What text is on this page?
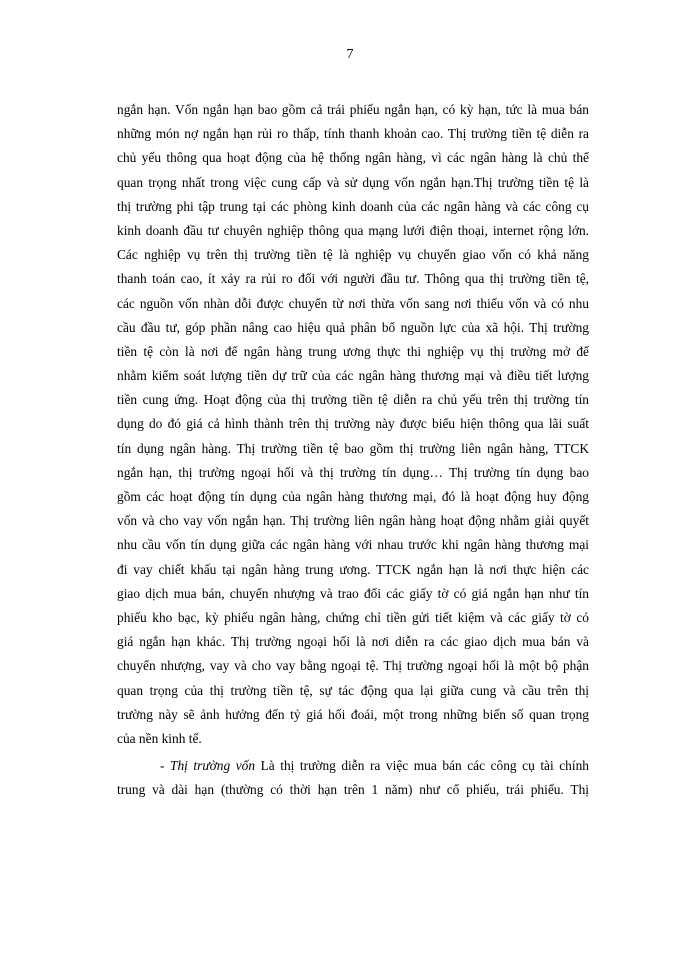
7

ngắn hạn. Vốn ngắn hạn bao gồm cả trái phiếu ngắn hạn, có kỳ hạn, tức là mua bán
những món nợ ngắn hạn rủi ro thấp, tính thanh khoản cao. Thị trường tiền tệ diễn ra
chủ yếu thông qua hoạt động của hệ thống ngân hàng, vì các ngân hàng là chủ thể
quan trọng nhất trong việc cung cấp và sử dụng vốn ngắn hạn.Thị trường tiền tệ là
thị trường phi tập trung tại các phòng kinh doanh của các ngân hàng và các công cụ
kinh doanh đầu tư chuyên nghiệp thông qua mạng lưới điện thoại, internet rộng lớn.
Các nghiệp vụ trên thị trường tiền tệ là nghiệp vụ chuyển giao vốn có khả năng
thanh toán cao, ít xảy ra rủi ro đối với người đầu tư. Thông qua thị trường tiền tệ,
các nguồn vốn nhàn dỗi được chuyển từ nơi thừa vốn sang nơi thiếu vốn và có nhu
cầu đầu tư, góp phần nâng cao hiệu quả phân bổ nguồn lực của xã hội. Thị trường
tiền tệ còn là nơi để ngân hàng trung ương thực thi nghiệp vụ thị trường mở để
nhằm kiểm soát lượng tiền dự trữ của các ngân hàng thương mại và điều tiết lượng
tiền cung ứng. Hoạt động của thị trường tiền tệ diễn ra chủ yếu trên thị trường tín
dụng do đó giá cả hình thành trên thị trường này được biểu hiện thông qua lãi suất
tín dụng ngân hàng. Thị trường tiền tệ bao gồm thị trường liên ngân hàng, TTCK
ngắn hạn, thị trường ngoại hối và thị trường tín dụng… Thị trường tín dụng bao
gồm các hoạt động tín dụng của ngân hàng thương mại, đó là hoạt động huy động
vốn và cho vay vốn ngắn hạn. Thị trường liên ngân hàng hoạt động nhằm giải quyết
nhu cầu vốn tín dụng giữa các ngân hàng với nhau trước khi ngân hàng thương mại
đi vay chiết khấu tại ngân hàng trung ương. TTCK ngắn hạn là nơi thực hiện các
giao dịch mua bán, chuyển nhượng và trao đổi các giấy tờ có giá ngắn hạn như tín
phiếu kho bạc, kỳ phiếu ngân hàng, chứng chỉ tiền gửi tiết kiệm và các giấy tờ có
giá ngắn hạn khác. Thị trường ngoại hối là nơi diễn ra các giao dịch mua bán và
chuyển nhượng, vay và cho vay bằng ngoại tệ. Thị trường ngoại hối là một bộ phận
quan trọng của thị trường tiền tệ, sự tác động qua lại giữa cung và cầu trên thị
trường này sẽ ảnh hưởng đến tỷ giá hối đoái, một trong những biến số quan trọng
của nền kinh tế.

- Thị trường vốn Là thị trường diễn ra việc mua bán các công cụ tài chính
trung và dài hạn (thường có thời hạn trên 1 năm) như cổ phiếu, trái phiếu. Thị
